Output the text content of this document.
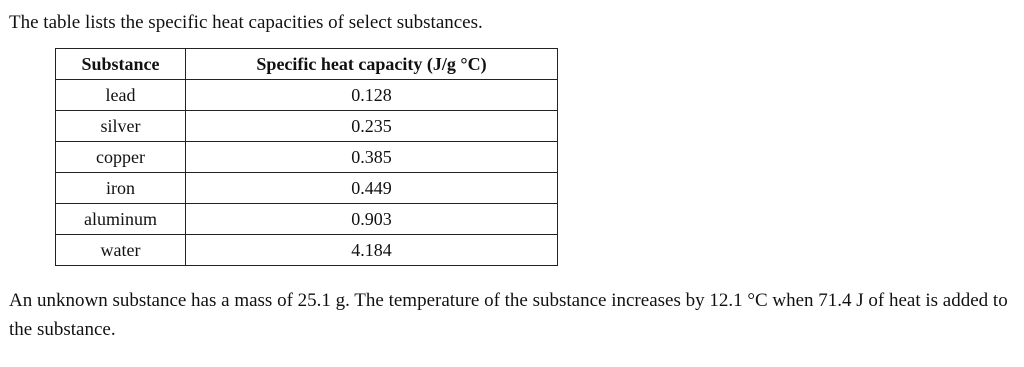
The table lists the specific heat capacities of select substances.

Substance	Specific heat capacity (J/g °C)
lead	0.128
silver	0.235
copper	0.385
iron	0.449
aluminum	0.903
water	4.184

An unknown substance has a mass of 25.1 g. The temperature of the substance increases by 12.1 °C when 71.4 J of heat is added to the substance.
